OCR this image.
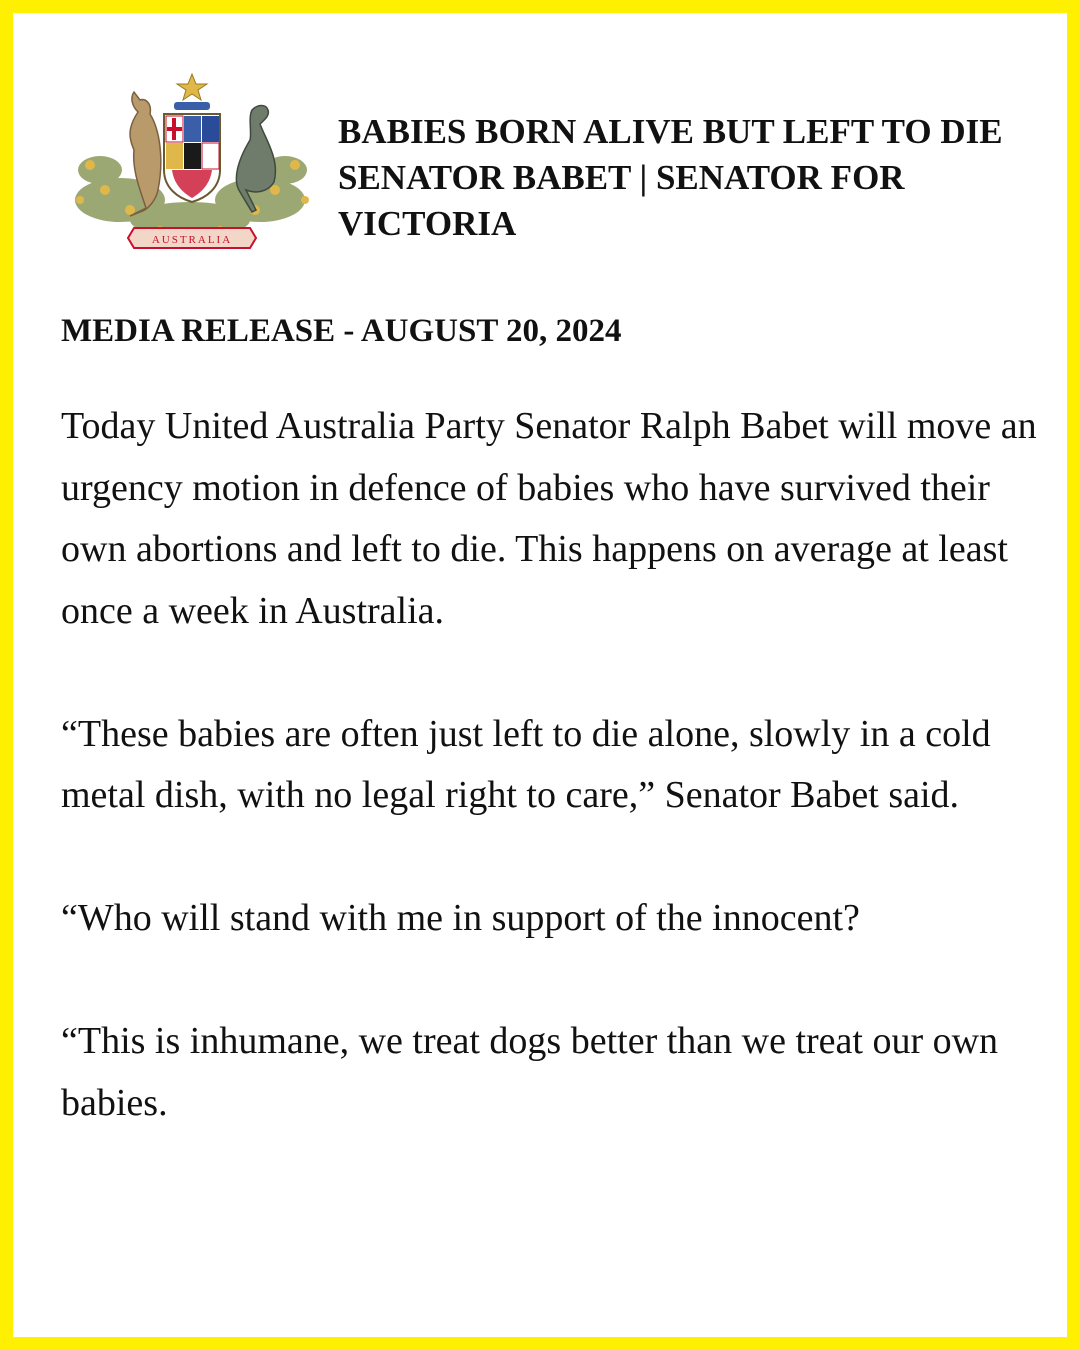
AUSTRALIA
BABIES BORN ALIVE BUT LEFT TO DIE SENATOR BABET | SENATOR FOR VICTORIA
MEDIA RELEASE - AUGUST 20, 2024

Today United Australia Party Senator Ralph Babet will move an urgency motion in defence of babies who have survived their own abortions and left to die. This happens on average at least once a week in Australia.

“These babies are often just left to die alone, slowly in a cold metal dish, with no legal right to care,” Senator Babet said.

“Who will stand with me in support of the innocent?

“This is inhumane, we treat dogs better than we treat our own babies.
